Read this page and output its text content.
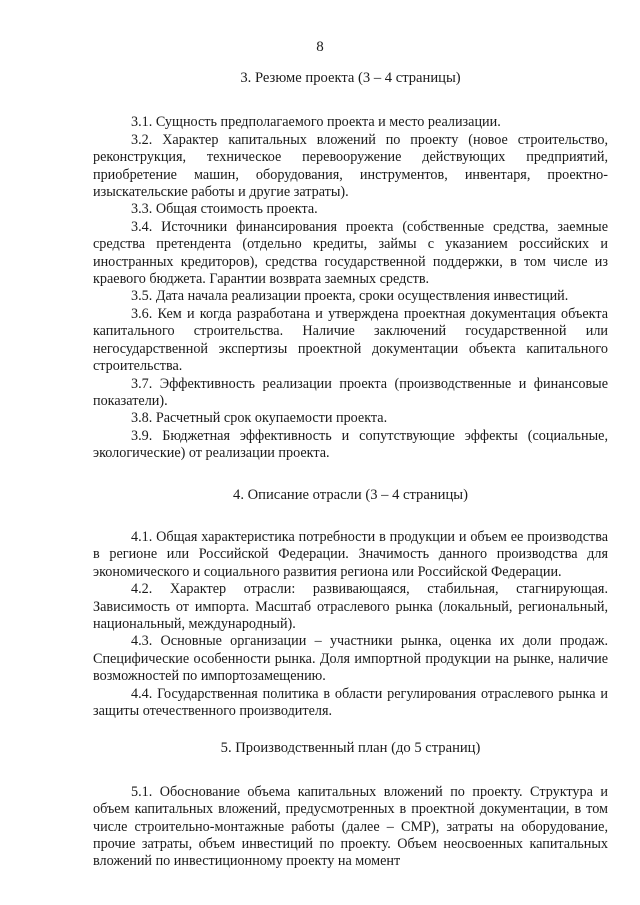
8
3. Резюме проекта (3 – 4 страницы)

3.1. Сущность предполагаемого проекта и место реализации.

3.2. Характер капитальных вложений по проекту (новое строительство, реконструкция, техническое перевооружение действующих предприятий, приобретение машин, оборудования, инструментов, инвентаря, проектно-изыскательские работы и другие затраты).

3.3. Общая стоимость проекта.

3.4. Источники финансирования проекта (собственные средства, заемные средства претендента (отдельно кредиты, займы с указанием российских и иностранных кредиторов), средства государственной поддержки, в том числе из краевого бюджета. Гарантии возврата заемных средств.

3.5. Дата начала реализации проекта, сроки осуществления инвестиций.

3.6. Кем и когда разработана и утверждена проектная документация объекта капитального строительства. Наличие заключений государственной или негосударственной экспертизы проектной документации объекта капитального строительства.

3.7. Эффективность реализации проекта (производственные и финансовые показатели).

3.8. Расчетный срок окупаемости проекта.

3.9. Бюджетная эффективность и сопутствующие эффекты (социальные, экологические) от реализации проекта.

4. Описание отрасли (3 – 4 страницы)

4.1. Общая характеристика потребности в продукции и объем ее производства в регионе или Российской Федерации. Значимость данного производства для экономического и социального развития региона или Российской Федерации.

4.2. Характер отрасли: развивающаяся, стабильная, стагнирующая. Зависимость от импорта. Масштаб отраслевого рынка (локальный, региональный, национальный, международный).

4.3. Основные организации – участники рынка, оценка их доли продаж. Специфические особенности рынка. Доля импортной продукции на рынке, наличие возможностей по импортозамещению.

4.4. Государственная политика в области регулирования отраслевого рынка и защиты отечественного производителя.

5. Производственный план (до 5 страниц)

5.1. Обоснование объема капитальных вложений по проекту. Структура и объем капитальных вложений, предусмотренных в проектной документации, в том числе строительно-монтажные работы (далее – СМР), затраты на оборудование, прочие затраты, объем инвестиций по проекту. Объем неосвоенных капитальных вложений по инвестиционному проекту на момент
